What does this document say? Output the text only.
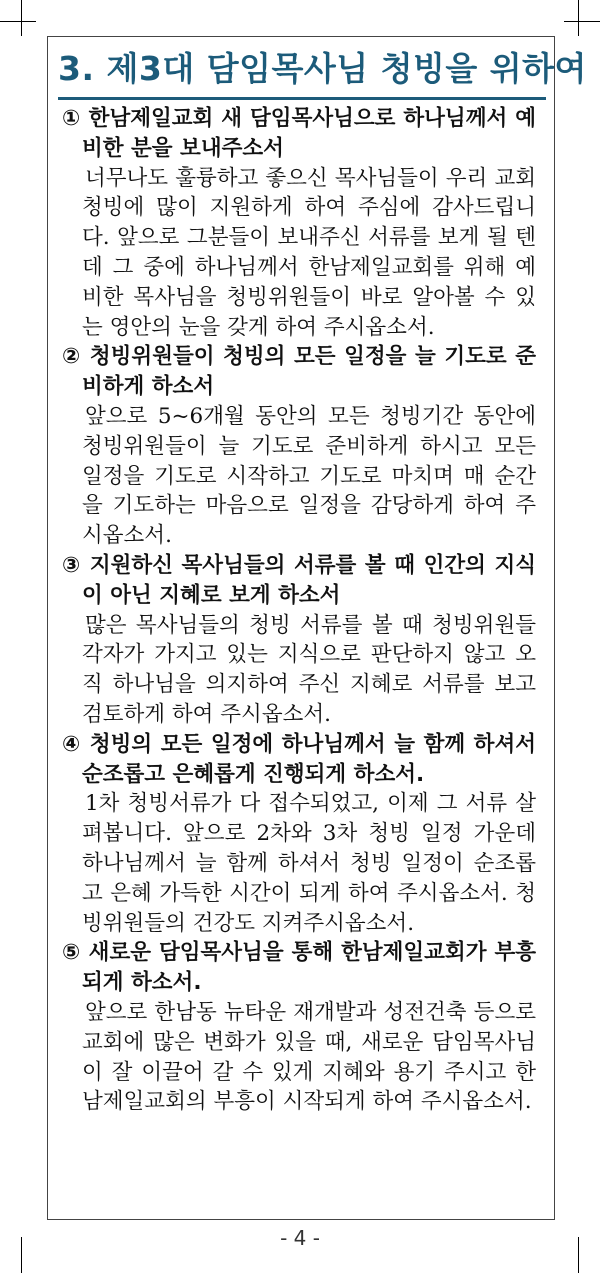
3. 제3대 담임목사님 청빙을 위하여
① 한남제일교회 새 담임목사님으로 하나님께서 예비한 분을 보내주소서
너무나도 훌륭하고 좋으신 목사님들이 우리 교회 청빙에 많이 지원하게 하여 주심에 감사드립니다. 앞으로 그분들이 보내주신 서류를 보게 될 텐데 그 중에 하나님께서 한남제일교회를 위해 예비한 목사님을 청빙위원들이 바로 알아볼 수 있는 영안의 눈을 갖게 하여 주시옵소서.
② 청빙위원들이 청빙의 모든 일정을 늘 기도로 준비하게 하소서
앞으로 5~6개월 동안의 모든 청빙기간 동안에 청빙위원들이 늘 기도로 준비하게 하시고 모든 일정을 기도로 시작하고 기도로 마치며 매 순간을 기도하는 마음으로 일정을 감당하게 하여 주시옵소서.
③ 지원하신 목사님들의 서류를 볼 때 인간의 지식이 아닌 지혜로 보게 하소서
많은 목사님들의 청빙 서류를 볼 때 청빙위원들 각자가 가지고 있는 지식으로 판단하지 않고 오직 하나님을 의지하여 주신 지혜로 서류를 보고 검토하게 하여 주시옵소서.
④ 청빙의 모든 일정에 하나님께서 늘 함께 하셔서 순조롭고 은혜롭게 진행되게 하소서.
1차 청빙서류가 다 접수되었고, 이제 그 서류 살펴봅니다. 앞으로 2차와 3차 청빙 일정 가운데 하나님께서 늘 함께 하셔서 청빙 일정이 순조롭고 은혜 가득한 시간이 되게 하여 주시옵소서. 청빙위원들의 건강도 지켜주시옵소서.
⑤ 새로운 담임목사님을 통해 한남제일교회가 부흥되게 하소서.
앞으로 한남동 뉴타운 재개발과 성전건축 등으로 교회에 많은 변화가 있을 때, 새로운 담임목사님이 잘 이끌어 갈 수 있게 지혜와 용기 주시고 한남제일교회의 부흥이 시작되게 하여 주시옵소서.
- 4 -
